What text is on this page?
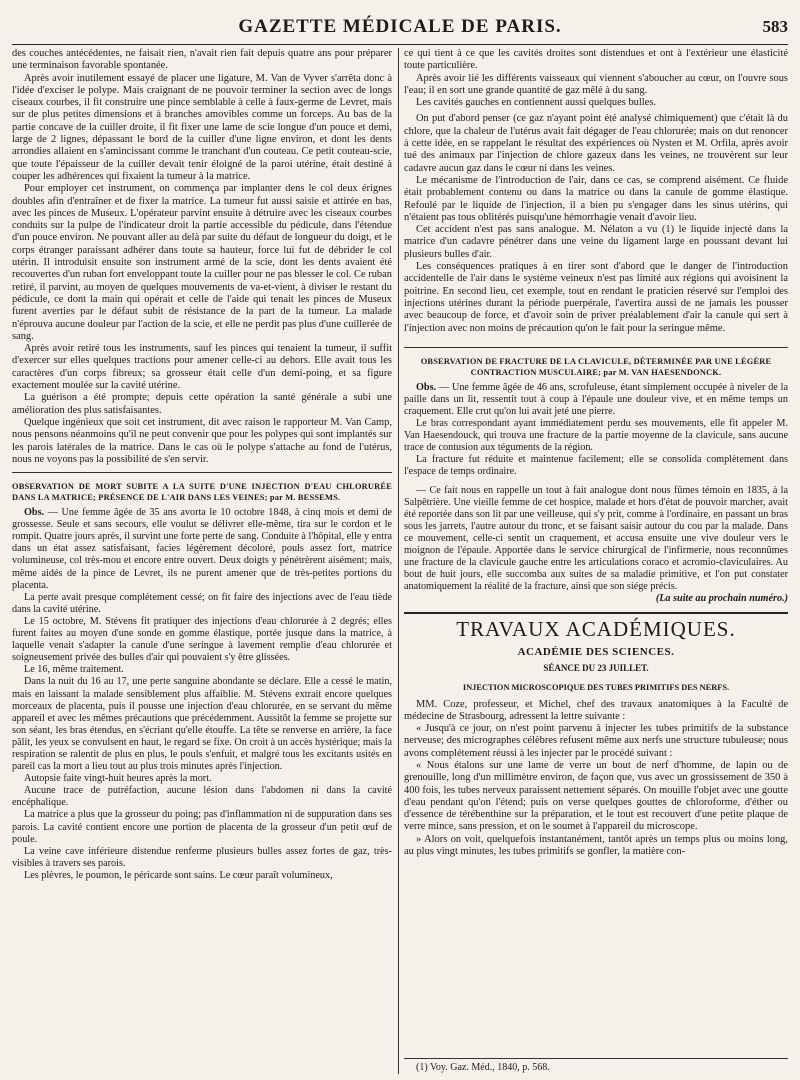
GAZETTE MÉDICALE DE PARIS.	583

des couches antécédentes, ne faisait rien, n'avait rien fait depuis quatre ans pour préparer une terminaison favorable spontanée.

Après avoir inutilement essayé de placer une ligature, M. Van de Vyver s'arrêta donc à l'idée d'exciser le polype. Mais craignant de ne pouvoir terminer la section avec de longs ciseaux courbes, il fit construire une pince semblable à celle à faux-germe de Levret, mais sur de plus petites dimensions et à branches amovibles comme un forceps. Au bas de la partie concave de la cuiller droite, il fit fixer une lame de scie longue d'un pouce et demi, large de 2 lignes, dépassant le bord de la cuiller d'une ligne environ, et dont les dents arrondies allaient en s'amincissant comme le tranchant d'un couteau. Ce petit couteau-scie, que toute l'épaisseur de la cuiller devait tenir éloigné de la paroi utérine, était destiné à couper les adhérences qui fixaient la tumeur à la matrice.

Pour employer cet instrument, on commença par implanter dens le col deux érignes doubles afin d'entraîner et de fixer la matrice. La tumeur fut aussi saisie et attirée en bas, avec les pinces de Museux. L'opérateur parvint ensuite à détruire avec les ciseaux courbes conduits sur la pulpe de l'indicateur droit la partie accessible du pédicule, dans l'étendue d'un pouce environ. Ne pouvant aller au delà par suite du défaut de longueur du doigt, et le corps étranger paraissant adhérer dans toute sa hauteur, force lui fut de débrider le col utérin. Il introduisit ensuite son instrument armé de la scie, dont les dents avaient été recouvertes d'un ruban fort enveloppant toute la cuiller pour ne pas blesser le col. Ce ruban retiré, il parvint, au moyen de quelques mouvements de va-et-vient, à diviser le restant du pédicule, ce dont la main qui opérait et celle de l'aide qui tenait les pinces de Museux furent averties par le défaut subit de résistance de la part de la tumeur. La malade n'éprouva aucune douleur par l'action de la scie, et elle ne perdit pas plus d'une cuillerée de sang.

Après avoir retiré tous les instruments, sauf les pinces qui tenaient la tumeur, il suffit d'exercer sur elles quelques tractions pour amener celle-ci au dehors. Elle avait tous les caractères d'un corps fibreux; sa grosseur était celle d'un demi-poing, et sa figure exactement moulée sur la cavité utérine.

La guérison a été prompte; depuis cette opération la santé générale a subi une amélioration des plus satisfaisantes.

Quelque ingénieux que soit cet instrument, dit avec raison le rapporteur M. Van Camp, nous pensons néanmoins qu'il ne peut convenir que pour les polypes qui sont implantés sur les parois latérales de la matrice. Dans le cas où le polype s'attache au fond de l'utérus, nous ne voyons pas la possibilité de s'en servir.

OBSERVATION DE MORT SUBITE A LA SUITE D'UNE INJECTION D'EAU CHLORURÉE DANS LA MATRICE; PRÉSENCE DE L'AIR DANS LES VEINES; par M. BESSEMS.

Obs. — Une femme âgée de 35 ans avorta le 10 octobre 1848, à cinq mois et demi de grossesse. Seule et sans secours, elle voulut se délivrer elle-même, tira sur le cordon et le rompit. Quatre jours après, il survint une forte perte de sang. Conduite à l'hôpital, elle y entra dans un état assez satisfaisant, facies légèrement décoloré, pouls assez fort, matrice volumineuse, col très-mou et encore entre ouvert. Deux doigts y pénétrèrent aisément; mais, même aidés de la pince de Levret, ils ne purent amener que de très-petites portions du placenta.

La perte avait presque complétement cessé; on fit faire des injections avec de l'eau tiède dans la cavité utérine.

Le 15 octobre, M. Stévens fit pratiquer des injections d'eau chlorurée à 2 degrés; elles furent faites au moyen d'une sonde en gomme élastique, portée jusque dans la matrice, à laquelle venait s'adapter la canule d'une seringue à lavement remplie d'eau chlorurée et soigneusement privée des bulles d'air qui pouvaient s'y être glissées.

Le 16, même traitement.

Dans la nuit du 16 au 17, une perte sanguine abondante se déclare. Elle a cessé le matin, mais en laissant la malade sensiblement plus affaiblie. M. Stévens extrait encore quelques morceaux de placenta, puis il pousse une injection d'eau chlorurée, en se servant du même appareil et avec les mêmes précautions que précédemment. Aussitôt la femme se projette sur son séant, les bras étendus, en s'écriant qu'elle étouffe. La tête se renverse en arrière, la face pâlit, les yeux se convulsent en haut, le regard se fixe. On croit à un accès hystérique; mais la respiration se ralentit de plus en plus, le pouls s'enfuit, et malgré tous les excitants usités en pareil cas la mort a lieu tout au plus trois minutes après l'injection.

Autopsie faite vingt-huit heures après la mort.

Aucune trace de putréfaction, aucune lésion dans l'abdomen ni dans la cavité encéphalique.

La matrice a plus que la grosseur du poing; pas d'inflammation ni de suppuration dans ses parois. La cavité contient encore une portion de placenta de la grosseur d'un petit œuf de poule.

La veine cave inférieure distendue renferme plusieurs bulles assez fortes de gaz, très-visibles à travers ses parois.

Les plèvres, le poumon, le péricarde sont sains. Le cœur paraît volumineux,

ce qui tient à ce que les cavités droites sont distendues et ont à l'extérieur une élasticité toute particulière.

Après avoir lié les différents vaisseaux qui viennent s'aboucher au cœur, on l'ouvre sous l'eau; il en sort une grande quantité de gaz mêlé à du sang.

Les cavités gauches en contiennent aussi quelques bulles.

On put d'abord penser (ce gaz n'ayant point été analysé chimiquement) que c'était là du chlore, que la chaleur de l'utérus avait fait dégager de l'eau chlorurée; mais on dut renoncer à cette idée, en se rappelant le résultat des expériences où Nysten et M. Orfila, après avoir tué des animaux par l'injection de chlore gazeux dans les veines, ne trouvèrent sur leur cadavre aucun gaz dans le cœur ni dans les veines.

Le mécanisme de l'introduction de l'air, dans ce cas, se comprend aisément. Ce fluide était probablement contenu ou dans la matrice ou dans la canule de gomme élastique. Refoulé par le liquide de l'injection, il a bien pu s'engager dans les sinus utérins, qui n'étaient pas tous oblitérés puisqu'une hémorrhagie venait d'avoir lieu.

Cet accident n'est pas sans analogue. M. Nélaton a vu (1) le liquide injecté dans la matrice d'un cadavre pénétrer dans une veine du ligament large en poussant devant lui plusieurs bulles d'air.

Les conséquences pratiques à en tirer sont d'abord que le danger de l'introduction accidentelle de l'air dans le système veineux n'est pas limité aux régions qui avoisinent la poitrine. En second lieu, cet exemple, tout en rendant le praticien réservé sur l'emploi des injections utérines durant la période puerpérale, l'avertira aussi de ne jamais les pousser avec beaucoup de force, et d'avoir soin de priver préalablement d'air la canule qui sert à l'injection avec non moins de précaution qu'on le fait pour la seringue même.

OBSERVATION DE FRACTURE DE LA CLAVICULE, DÉTERMINÉE PAR UNE LÉGÈRE CONTRACTION MUSCULAIRE; par M. VAN HAESENDONCK.

Obs. — Une femme âgée de 46 ans, scrofuleuse, étant simplement occupée à niveler de la paille dans un lit, ressentit tout à coup à l'épaule une douleur vive, et en même temps un craquement. Elle crut qu'on lui avait jeté une pierre.

Le bras correspondant ayant immédiatement perdu ses mouvements, elle fit appeler M. Van Haesendouck, qui trouva une fracture de la partie moyenne de la clavicule, sans aucune trace de contusion aux téguments de la région.

La fracture fut réduite et maintenue facilement; elle se consolida complètement dans l'espace de temps ordinaire.

— Ce fait nous en rappelle un tout à fait analogue dont nous fûmes témoin en 1835, à la Salpêtrière. Une vieille femme de cet hospice, malade et hors d'état de pouvoir marcher, avait été reportée dans son lit par une veilleuse, qui s'y prit, comme à l'ordinaire, en passant un bras sous les jarrets, l'autre autour du tronc, et se faisant saisir autour du cou par la malade. Dans ce mouvement, celle-ci sentit un craquement, et accusa ensuite une vive douleur vers le moignon de l'épaule. Apportée dans le service chirurgical de l'infirmerie, nous reconnûmes une fracture de la clavicule gauche entre les articulations coraco et acromio-claviculaires. Au bout de huit jours, elle succomba aux suites de sa maladie primitive, et l'on put constater anatomiquement la réalité de la fracture, ainsi que son siége précis.

(La suite au prochain numéro.)

TRAVAUX ACADÉMIQUES.
ACADÉMIE DES SCIENCES.
SÉANCE DU 23 JUILLET.
INJECTION MICROSCOPIQUE DES TUBES PRIMITIFS DES NERFS.

MM. Coze, professeur, et Michel, chef des travaux anatomiques à la Faculté de médecine de Strasbourg, adressent la lettre suivante :

« Jusqu'à ce jour, on n'est point parvenu à injecter les tubes primitifs de la substance nerveuse; des micrographes célèbres refusent même aux nerfs une structure tubuleuse; nous avons complétement réussi à les injecter par le procédé suivant :

« Nous étalons sur une lame de verre un bout de nerf d'homme, de lapin ou de grenouille, long d'un millimètre environ, de façon que, vus avec un grossissement de 350 à 400 fois, les tubes nerveux paraissent nettement séparés. On mouille l'objet avec une goutte d'eau pendant qu'on l'étend; puis on verse quelques gouttes de chloroforme, d'éther ou d'essence de térébenthine sur la préparation, et le tout est recouvert d'une petite plaque de verre mince, sans pression, et on le soumet à l'appareil du microscope.

» Alors on voit, quelquefois instantanément, tantôt après un temps plus ou moins long, au plus vingt minutes, les tubes primitifs se gonfler, la matière con-

(1) Voy. Gaz. Méd., 1840, p. 568.
